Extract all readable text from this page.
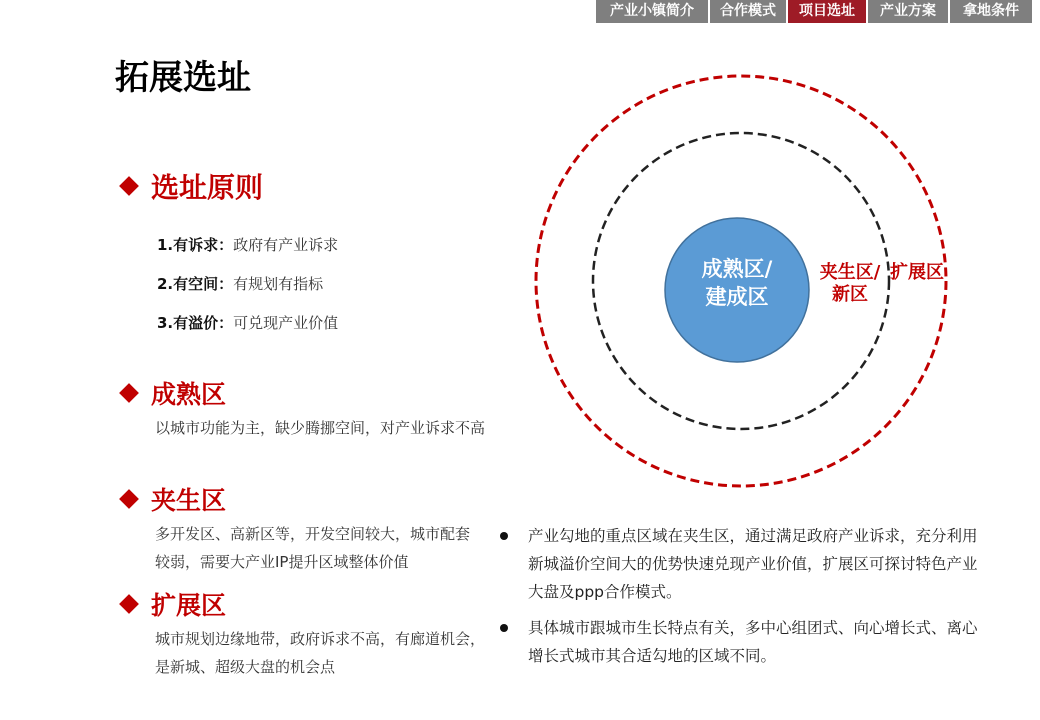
产业小镇简介	合作模式	项目选址	产业方案	拿地条件
拓展选址
选址原则
1.有诉求：政府有产业诉求
2.有空间：有规划有指标
3.有溢价：可兑现产业价值
成熟区
以城市功能为主，缺少腾挪空间，对产业诉求不高
夹生区
多开发区、高新区等，开发空间较大，城市配套较弱，需要大产业IP提升区域整体价值
扩展区
城市规划边缘地带，政府诉求不高，有廊道机会，是新城、超级大盘的机会点
成熟区/
建成区
夹生区/
新区
扩展区
产业勾地的重点区域在夹生区，通过满足政府产业诉求，充分利用新城溢价空间大的优势快速兑现产业价值，扩展区可探讨特色产业大盘及ppp合作模式。
具体城市跟城市生长特点有关，多中心组团式、向心增长式、离心增长式城市其合适勾地的区域不同。
